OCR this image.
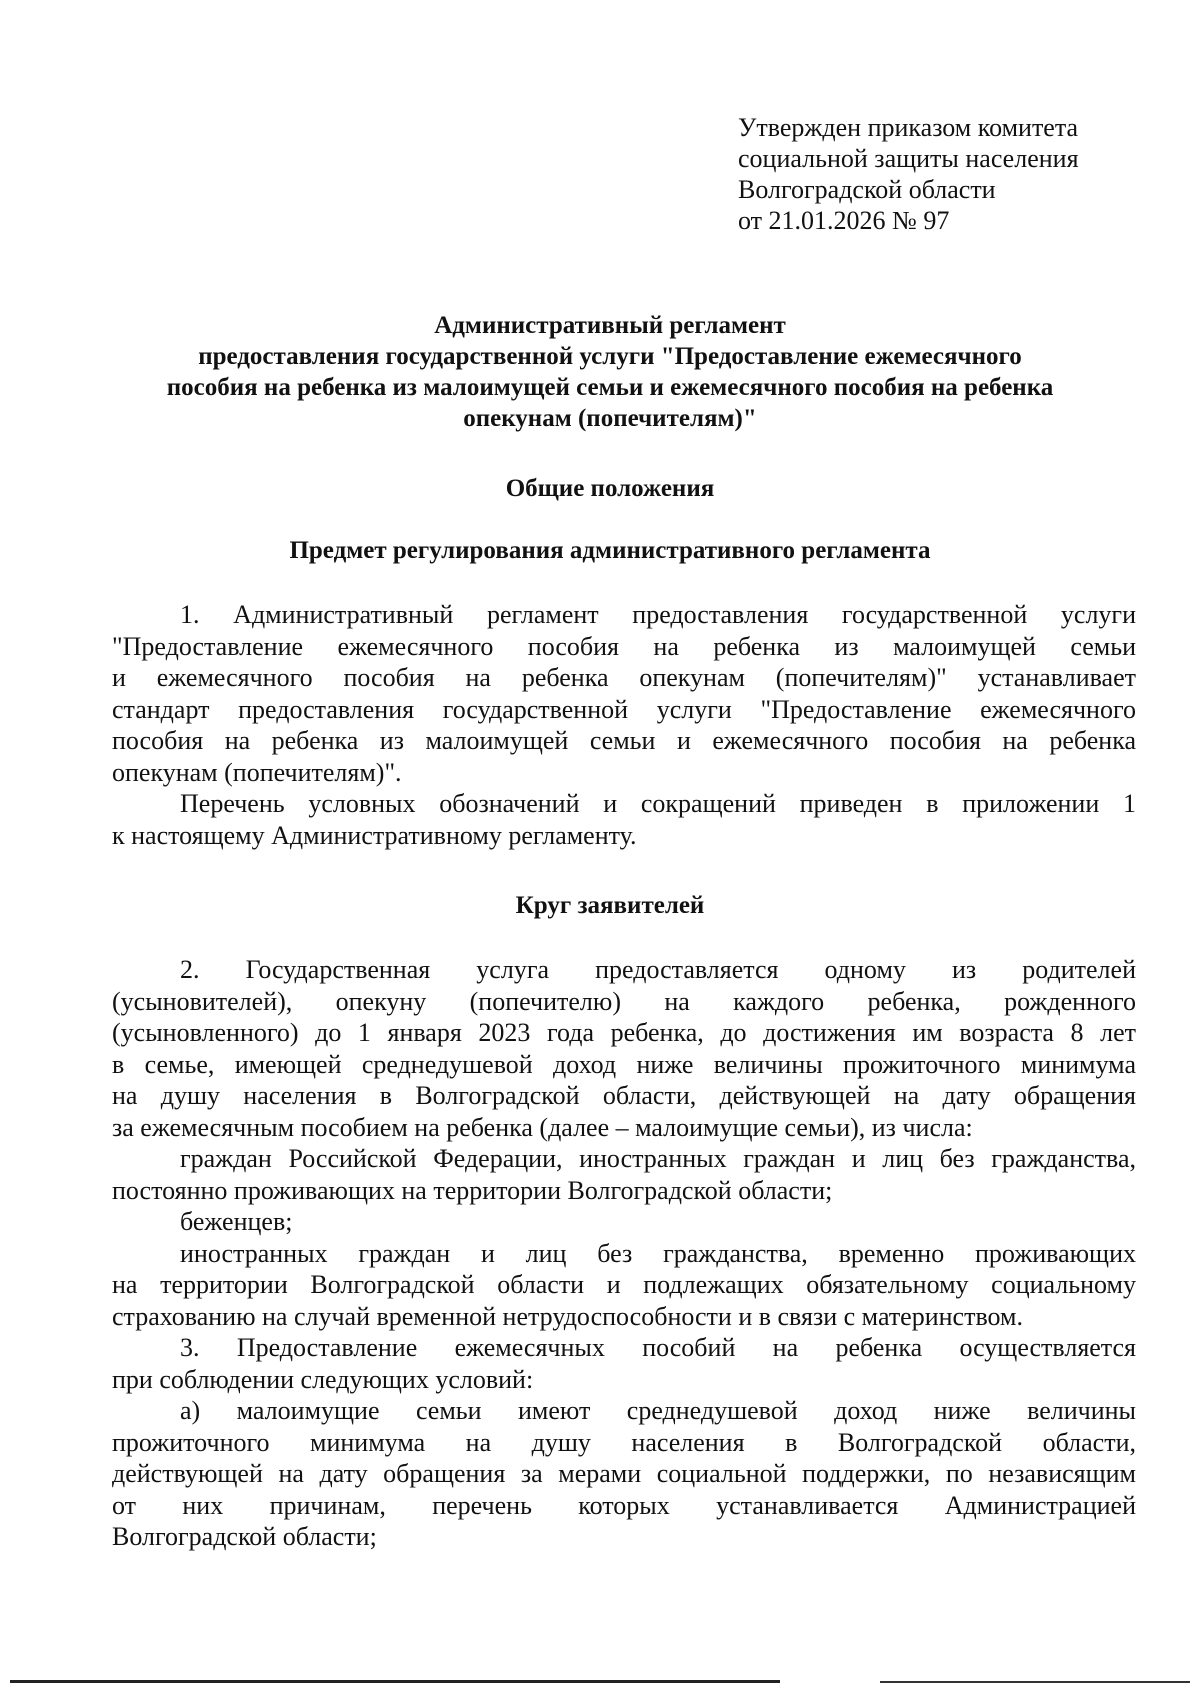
Утвержден приказом комитета
социальной защиты населения
Волгоградской области
от 21.01.2026 № 97
Административный регламент
предоставления государственной услуги "Предоставление ежемесячного
пособия на ребенка из малоимущей семьи и ежемесячного пособия на ребенка
опекунам (попечителям)"
Общие положения
Предмет регулирования административного регламента
1. Административный регламент предоставления государственной услуги
"Предоставление ежемесячного пособия на ребенка из малоимущей семьи
и ежемесячного пособия на ребенка опекунам (попечителям)" устанавливает
стандарт предоставления государственной услуги "Предоставление ежемесячного
пособия на ребенка из малоимущей семьи и ежемесячного пособия на ребенка
опекунам (попечителям)".
Перечень условных обозначений и сокращений приведен в приложении 1
к настоящему Административному регламенту.
Круг заявителей
2. Государственная услуга предоставляется одному из родителей
(усыновителей), опекуну (попечителю) на каждого ребенка, рожденного
(усыновленного) до 1 января 2023 года ребенка, до достижения им возраста 8 лет
в семье, имеющей среднедушевой доход ниже величины прожиточного минимума
на душу населения в Волгоградской области, действующей на дату обращения
за ежемесячным пособием на ребенка (далее – малоимущие семьи), из числа:
граждан Российской Федерации, иностранных граждан и лиц без гражданства,
постоянно проживающих на территории Волгоградской области;
беженцев;
иностранных граждан и лиц без гражданства, временно проживающих
на территории Волгоградской области и подлежащих обязательному социальному
страхованию на случай временной нетрудоспособности и в связи с материнством.
3. Предоставление ежемесячных пособий на ребенка осуществляется
при соблюдении следующих условий:
а) малоимущие семьи имеют среднедушевой доход ниже величины
прожиточного минимума на душу населения в Волгоградской области,
действующей на дату обращения за мерами социальной поддержки, по независящим
от них причинам, перечень которых устанавливается Администрацией
Волгоградской области;
